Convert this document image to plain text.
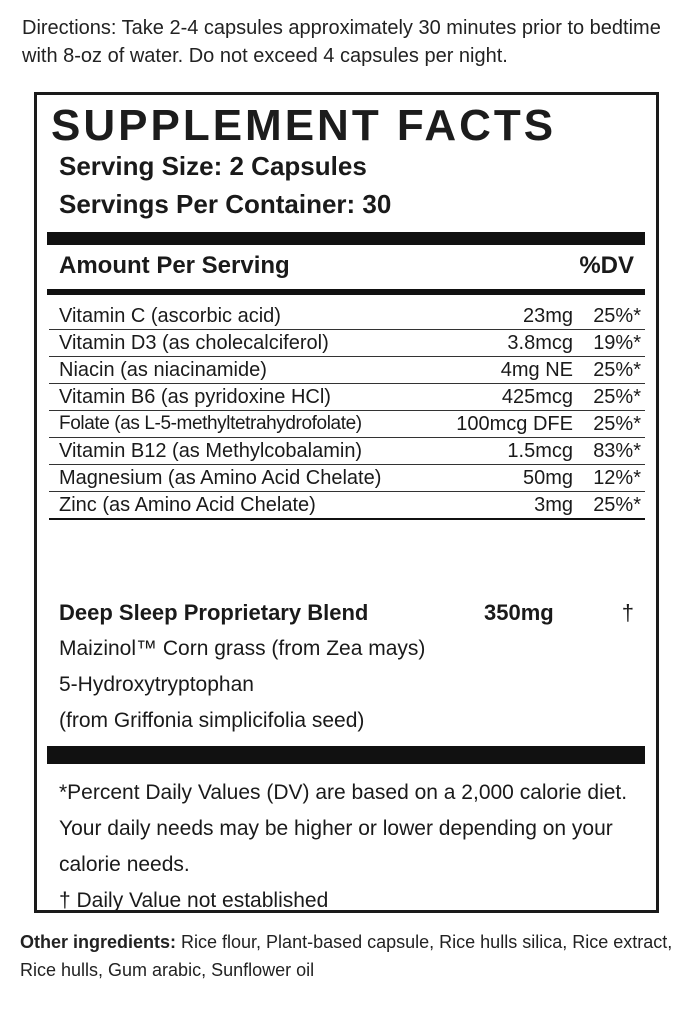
Directions: Take 2-4 capsules approximately 30 minutes prior to bedtime with 8-oz of water. Do not exceed 4 capsules per night.
SUPPLEMENT FACTS
Serving Size: 2 Capsules
Servings Per Container: 30
Amount Per Serving	%DV
Vitamin C (ascorbic acid)	23mg 25%*
Vitamin D3 (as cholecalciferol)	3.8mcg 19%*
Niacin (as niacinamide)	4mg NE 25%*
Vitamin B6 (as pyridoxine HCl)	425mcg 25%*
Folate (as L-5-methyltetrahydrofolate)	100mcg DFE 25%*
Vitamin B12 (as Methylcobalamin)	1.5mcg 83%*
Magnesium (as Amino Acid Chelate)	50mg 12%*
Zinc (as Amino Acid Chelate)	3mg 25%*
Deep Sleep Proprietary Blend	350mg	†
Maizinol™ Corn grass (from Zea mays)
5-Hydroxytryptophan
(from Griffonia simplicifolia seed)
*Percent Daily Values (DV) are based on a 2,000 calorie diet. Your daily needs may be higher or lower depending on your calorie needs.
† Daily Value not established
Other ingredients: Rice flour, Plant-based capsule, Rice hulls silica, Rice extract, Rice hulls, Gum arabic, Sunflower oil
